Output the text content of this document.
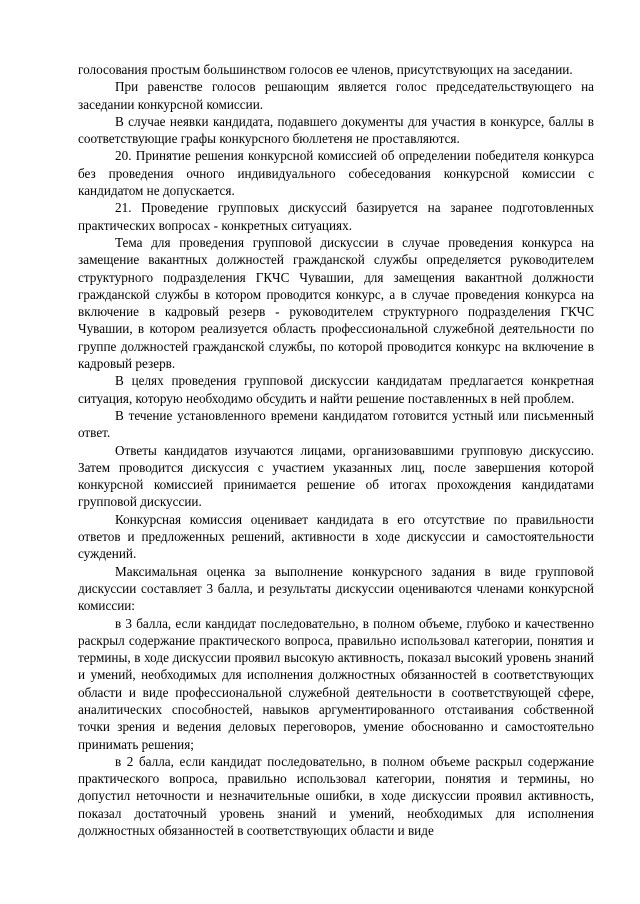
голосования простым большинством голосов ее членов, присутствующих на заседании.

При равенстве голосов решающим является голос председательствующего на заседании конкурсной комиссии.

В случае неявки кандидата, подавшего документы для участия в конкурсе, баллы в соответствующие графы конкурсного бюллетеня не проставляются.

20. Принятие решения конкурсной комиссией об определении победителя конкурса без проведения очного индивидуального собеседования конкурсной комиссии с кандидатом не допускается.

21. Проведение групповых дискуссий базируется на заранее подготовленных практических вопросах - конкретных ситуациях.

Тема для проведения групповой дискуссии в случае проведения конкурса на замещение вакантных должностей гражданской службы определяется руководителем структурного подразделения ГКЧС Чувашии, для замещения вакантной должности гражданской службы в котором проводится конкурс, а в случае проведения конкурса на включение в кадровый резерв - руководителем структурного подразделения ГКЧС Чувашии, в котором реализуется область профессиональной служебной деятельности по группе должностей гражданской службы, по которой проводится конкурс на включение в кадровый резерв.

В целях проведения групповой дискуссии кандидатам предлагается конкретная ситуация, которую необходимо обсудить и найти решение поставленных в ней проблем.

В течение установленного времени кандидатом готовится устный или письменный ответ.

Ответы кандидатов изучаются лицами, организовавшими групповую дискуссию. Затем проводится дискуссия с участием указанных лиц, после завершения которой конкурсной комиссией принимается решение об итогах прохождения кандидатами групповой дискуссии.

Конкурсная комиссия оценивает кандидата в его отсутствие по правильности ответов и предложенных решений, активности в ходе дискуссии и самостоятельности суждений.

Максимальная оценка за выполнение конкурсного задания в виде групповой дискуссии составляет 3 балла, и результаты дискуссии оцениваются членами конкурсной комиссии:

в 3 балла, если кандидат последовательно, в полном объеме, глубоко и качественно раскрыл содержание практического вопроса, правильно использовал категории, понятия и термины, в ходе дискуссии проявил высокую активность, показал высокий уровень знаний и умений, необходимых для исполнения должностных обязанностей в соответствующих области и виде профессиональной служебной деятельности в соответствующей сфере, аналитических способностей, навыков аргументированного отстаивания собственной точки зрения и ведения деловых переговоров, умение обоснованно и самостоятельно принимать решения;

в 2 балла, если кандидат последовательно, в полном объеме раскрыл содержание практического вопроса, правильно использовал категории, понятия и термины, но допустил неточности и незначительные ошибки, в ходе дискуссии проявил активность, показал достаточный уровень знаний и умений, необходимых для исполнения должностных обязанностей в соответствующих области и виде
